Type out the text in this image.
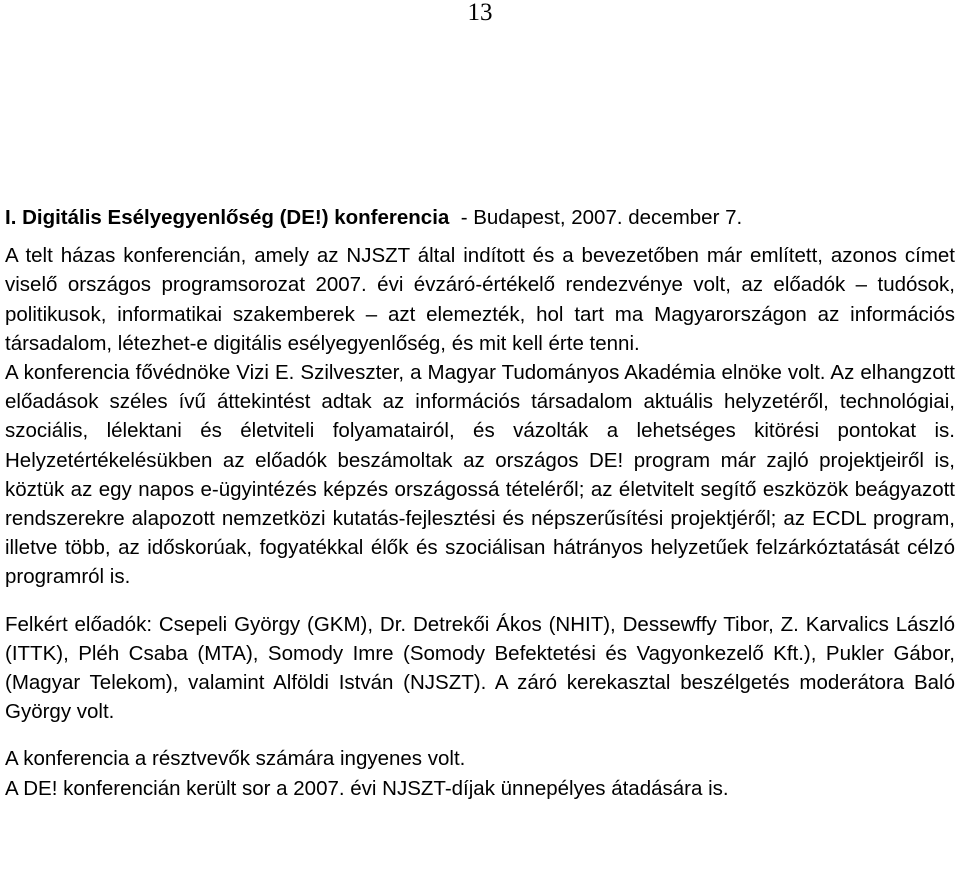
13

I. Digitális Esélyegyenlőség (DE!) konferencia  - Budapest, 2007. december 7.

A telt házas konferencián, amely az NJSZT által indított és a bevezetőben már említett, azonos címet viselő országos programsorozat 2007. évi évzáró-értékelő rendezvénye volt, az előadók – tudósok, politikusok, informatikai szakemberek – azt elemezték, hol tart ma Magyarországon az információs társadalom, létezhet-e digitális esélyegyenlőség, és mit kell érte tenni.

A konferencia fővédnöke Vizi E. Szilveszter, a Magyar Tudományos Akadémia elnöke volt. Az elhangzott előadások széles ívű áttekintést adtak az információs társadalom aktuális helyzetéről, technológiai, szociális, lélektani és életviteli folyamatairól, és vázolták a lehetséges kitörési pontokat is. Helyzetértékelésükben az előadók beszámoltak az országos DE! program már zajló projektjeiről is, köztük az egy napos e-ügyintézés képzés országossá tételéről; az életvitelt segítő eszközök beágyazott rendszerekre alapozott nemzetközi kutatás-fejlesztési és népszerűsítési projektjéről; az ECDL program, illetve több, az időskorúak, fogyatékkal élők és szociálisan hátrányos helyzetűek felzárkóztatását célzó programról is.

Felkért előadók: Csepeli György (GKM), Dr. Detrekői Ákos (NHIT), Dessewffy Tibor, Z. Karvalics László (ITTK), Pléh Csaba (MTA), Somody Imre (Somody Befektetési és Vagyonkezelő Kft.), Pukler Gábor, (Magyar Telekom), valamint Alföldi István (NJSZT). A záró kerekasztal beszélgetés moderátora Baló György volt.

A konferencia a résztvevők számára ingyenes volt.

A DE! konferencián került sor a 2007. évi NJSZT-díjak ünnepélyes átadására is.
